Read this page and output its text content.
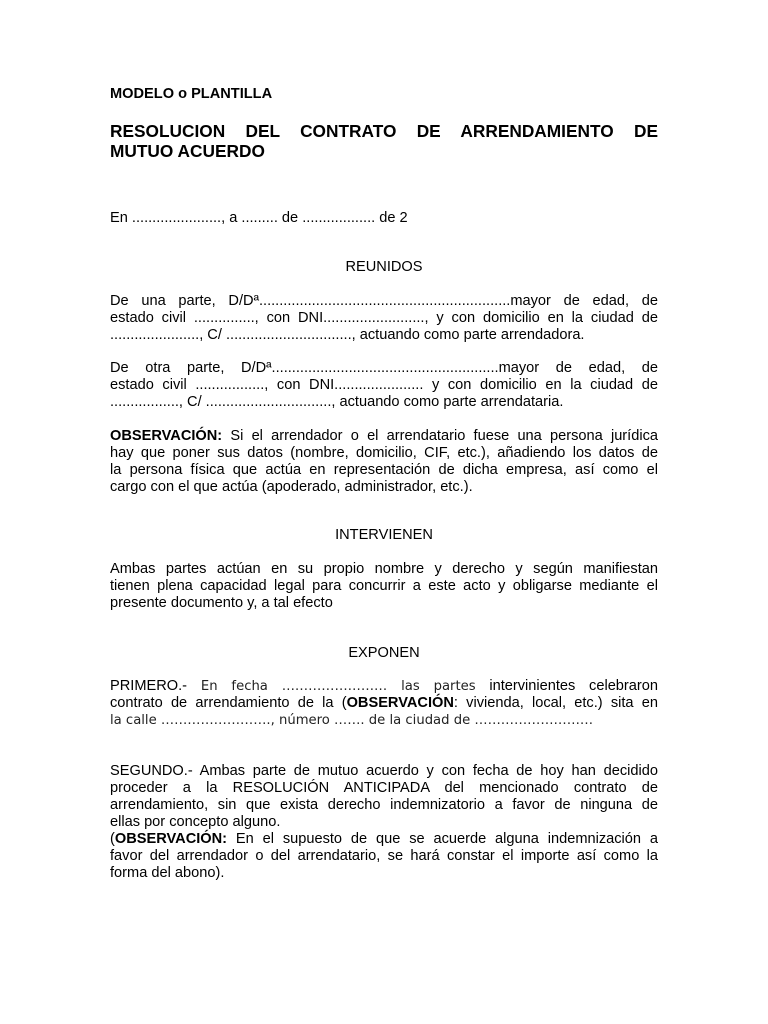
MODELO o PLANTILLA
RESOLUCION DEL CONTRATO DE ARRENDAMIENTO DE
MUTUO ACUERDO
En ......................, a ......... de .................. de 2
REUNIDOS
De una parte, D/Dª..............................................................mayor de edad, de
estado civil ..............., con DNI........................., y con domicilio en la ciudad de
......................, C/ ..............................., actuando como parte arrendadora.
De otra parte, D/Dª........................................................mayor de edad, de
estado civil ................., con DNI...................... y con domicilio en la ciudad de
................., C/ ..............................., actuando como parte arrendataria.
OBSERVACIÓN: Si el arrendador o el arrendatario fuese una persona jurídica
hay que poner sus datos (nombre, domicilio, CIF, etc.), añadiendo los datos de
la persona física que actúa en representación de dicha empresa, así como el
cargo con el que actúa (apoderado, administrador, etc.).
INTERVIENEN
Ambas partes actúan en su propio nombre y derecho y según manifiestan
tienen plena capacidad legal para concurrir a este acto y obligarse mediante el
presente documento y, a tal efecto
EXPONEN
PRIMERO.- En fecha …………………… las partes intervinientes celebraron
contrato de arrendamiento de la (OBSERVACIÓN: vivienda, local, etc.) sita en
la calle ……………………., número ……. de la ciudad de ………………………
SEGUNDO.- Ambas parte de mutuo acuerdo y con fecha de hoy han decidido
proceder a la RESOLUCIÓN ANTICIPADA del mencionado contrato de
arrendamiento, sin que exista derecho indemnizatorio a favor de ninguna de
ellas por concepto alguno.
(OBSERVACIÓN: En el supuesto de que se acuerde alguna indemnización a
favor del arrendador o del arrendatario, se hará constar el importe así como la
forma del abono).
